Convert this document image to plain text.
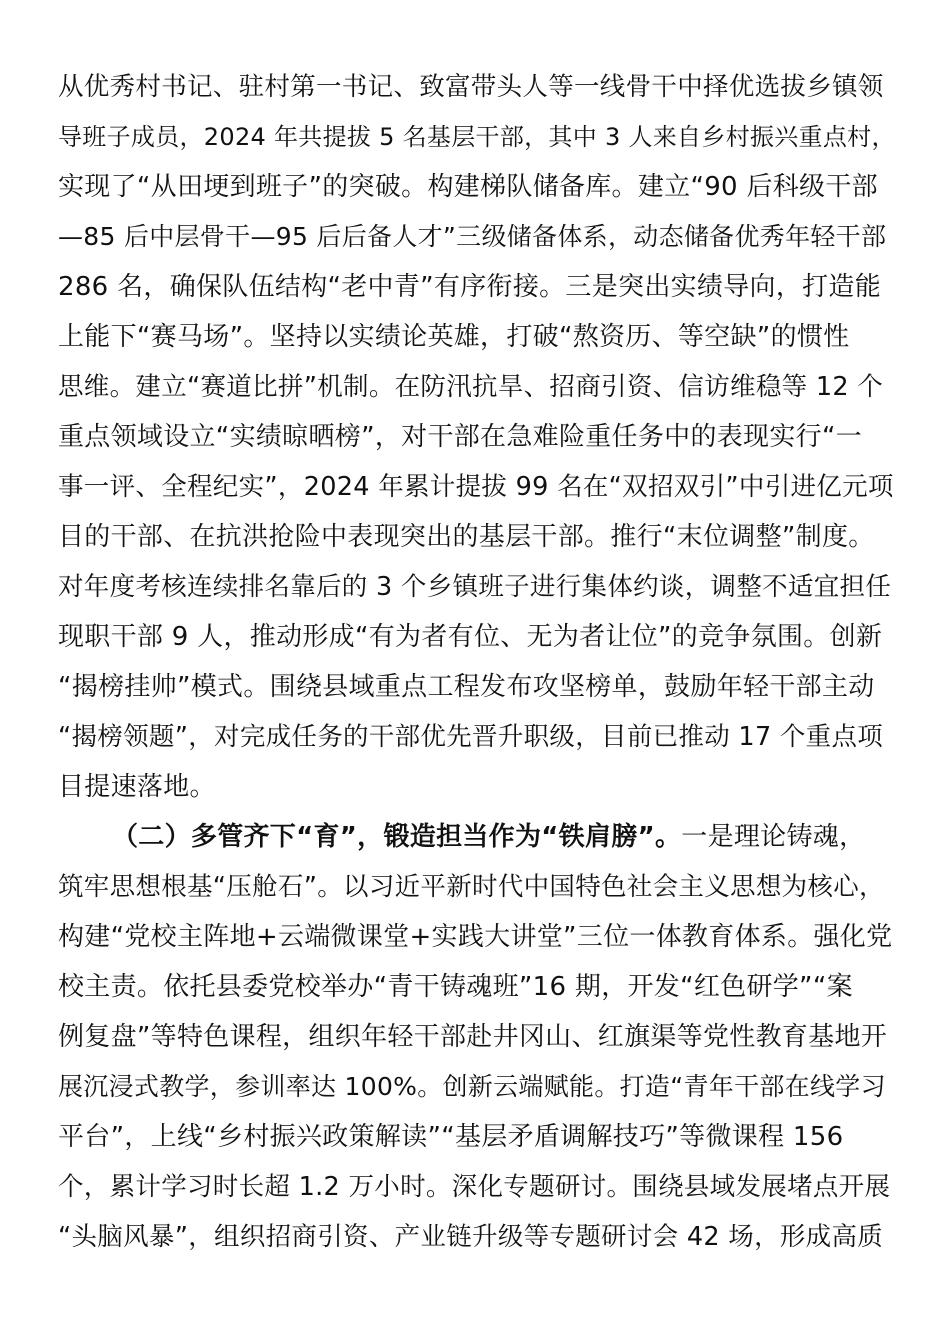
从优秀村书记、驻村第一书记、致富带头人等一线骨干中择优选拔乡镇领
导班子成员，2024 年共提拔 5 名基层干部，其中 3 人来自乡村振兴重点村，
实现了“从田埂到班子”的突破。构建梯队储备库。建立“90 后科级干部
—85 后中层骨干—95 后后备人才”三级储备体系，动态储备优秀年轻干部
286 名，确保队伍结构“老中青”有序衔接。三是突出实绩导向，打造能
上能下“赛马场”。坚持以实绩论英雄，打破“熬资历、等空缺”的惯性
思维。建立“赛道比拼”机制。在防汛抗旱、招商引资、信访维稳等 12 个
重点领域设立“实绩晾晒榜”，对干部在急难险重任务中的表现实行“一
事一评、全程纪实”，2024 年累计提拔 99 名在“双招双引”中引进亿元项
目的干部、在抗洪抢险中表现突出的基层干部。推行“末位调整”制度。
对年度考核连续排名靠后的 3 个乡镇班子进行集体约谈，调整不适宜担任
现职干部 9 人，推动形成“有为者有位、无为者让位”的竞争氛围。创新
“揭榜挂帅”模式。围绕县域重点工程发布攻坚榜单，鼓励年轻干部主动
“揭榜领题”，对完成任务的干部优先晋升职级，目前已推动 17 个重点项
目提速落地。
（二）多管齐下“育”，锻造担当作为“铁肩膀”。一是理论铸魂，
筑牢思想根基“压舱石”。以习近平新时代中国特色社会主义思想为核心，
构建“党校主阵地+云端微课堂+实践大讲堂”三位一体教育体系。强化党
校主责。依托县委党校举办“青干铸魂班”16 期，开发“红色研学”“案
例复盘”等特色课程，组织年轻干部赴井冈山、红旗渠等党性教育基地开
展沉浸式教学，参训率达 100%。创新云端赋能。打造“青年干部在线学习
平台”，上线“乡村振兴政策解读”“基层矛盾调解技巧”等微课程 156
个，累计学习时长超 1.2 万小时。深化专题研讨。围绕县域发展堵点开展
“头脑风暴”，组织招商引资、产业链升级等专题研讨会 42 场，形成高质
